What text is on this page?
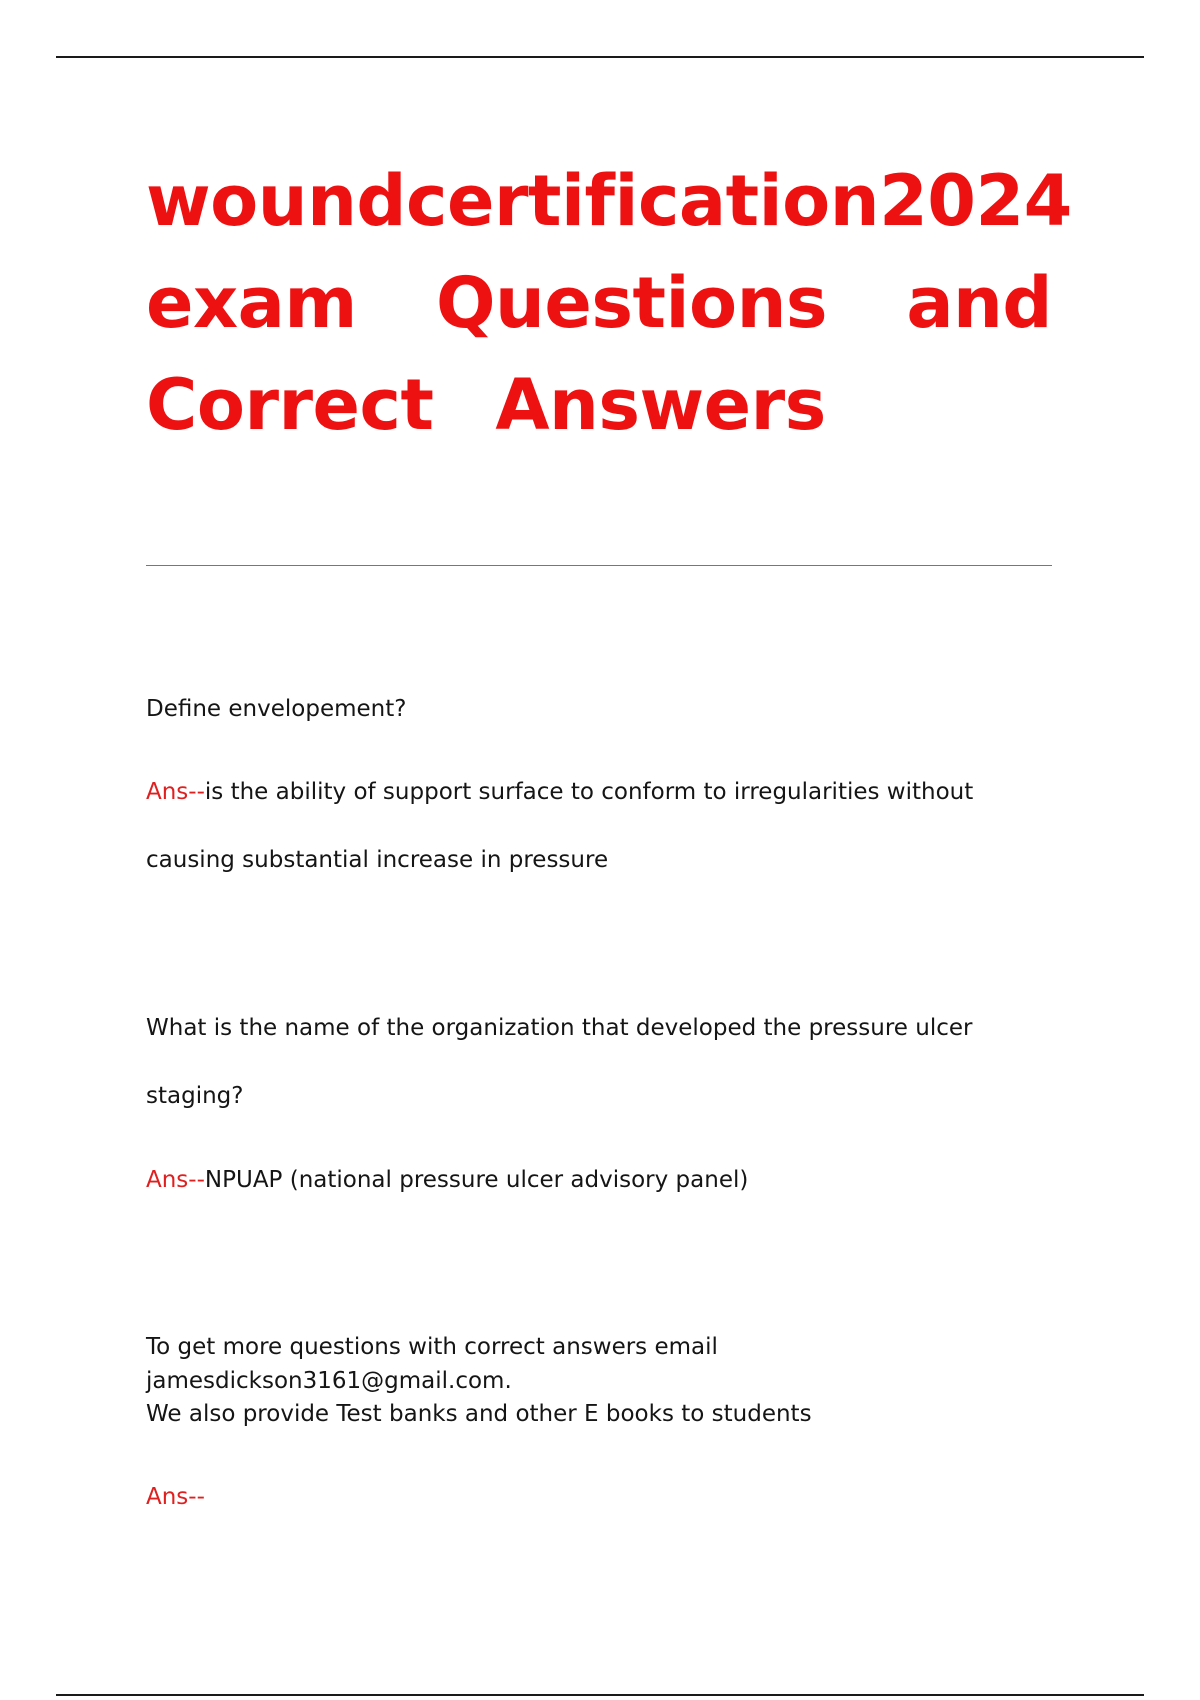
wound certification 2024
exam Questions and
Correct Answers
Define envelopement?
Ans--is the ability of support surface to conform to irregularities without
causing substantial increase in pressure
What is the name of the organization that developed the pressure ulcer
staging?
Ans--NPUAP (national pressure ulcer advisory panel)
To get more questions with correct answers email jamesdickson3161@gmail.com.
We also provide Test banks and other E books to students
Ans--
